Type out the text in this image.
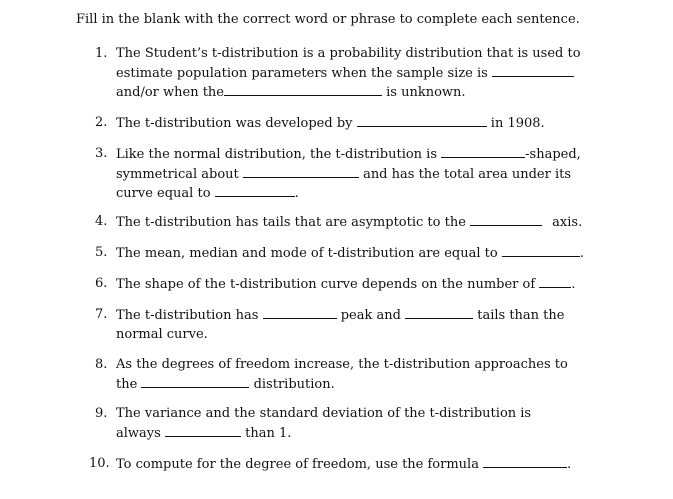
Fill in the blank with the correct word or phrase to complete each sentence.
1. The Student’s t-distribution is a probability distribution that is used to
estimate population parameters when the sample size is
and/or when the	is unknown.
2. The t-distribution was developed by	in 1908.
3. Like the normal distribution, the t-distribution is	-shaped,
symmetrical about	and has the total area under its
curve equal to	.
4. The t-distribution has tails that are asymptotic to the	axis.
5. The mean, median and mode of t-distribution are equal to	.
6. The shape of the t-distribution curve depends on the number of	.
7. The t-distribution has	peak and	tails than the
normal curve.
8. As the degrees of freedom increase, the t-distribution approaches to
the	distribution.
9. The variance and the standard deviation of the t-distribution is
always	than 1.
10. To compute for the degree of freedom, use the formula	.
